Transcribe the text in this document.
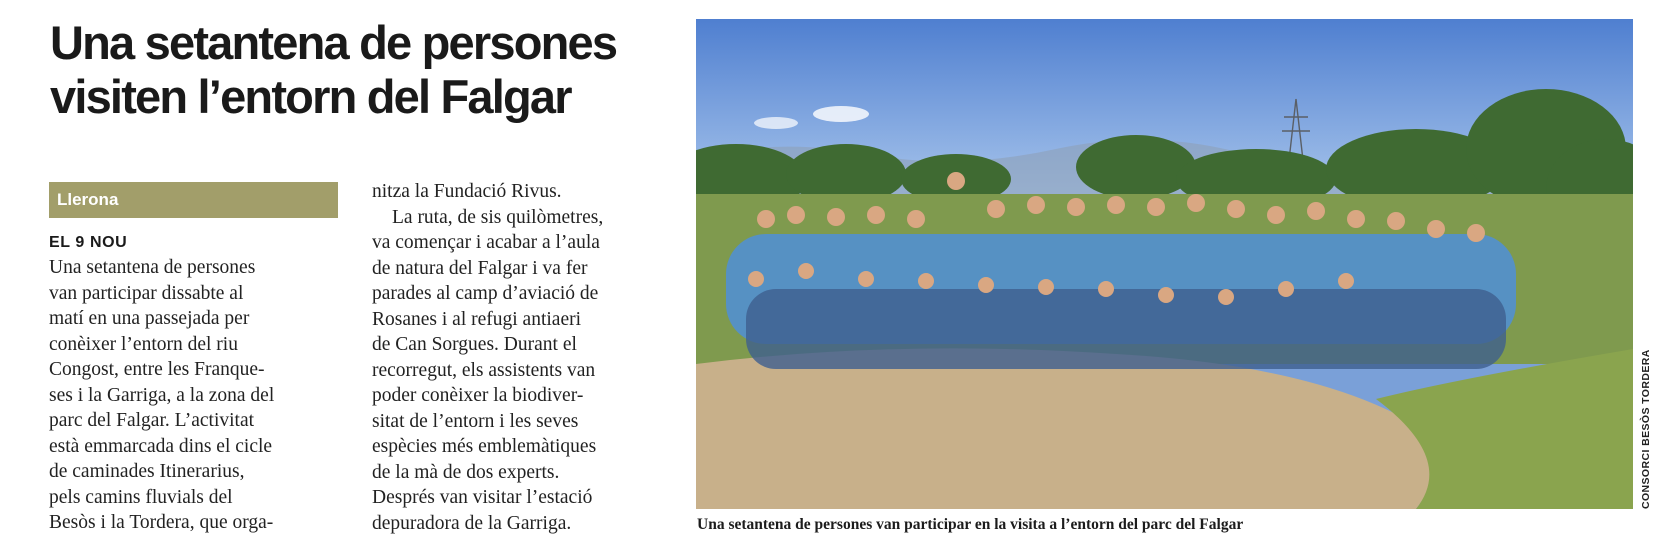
Una setantena de persones
visiten l’entorn del Falgar
Llerona
EL 9 NOU
Una setantena de persones
van participar dissabte al
matí en una passejada per
conèixer l’entorn del riu
Congost, entre les Franque-
ses i la Garriga, a la zona del
parc del Falgar. L’activitat
està emmarcada dins el cicle
de caminades Itinerarius,
pels camins fluvials del
Besòs i la Tordera, que orga-
nitza la Fundació Rivus.
La ruta, de sis quilòmetres,
va començar i acabar a l’aula
de natura del Falgar i va fer
parades al camp d’aviació de
Rosanes i al refugi antiaeri
de Can Sorgues. Durant el
recorregut, els assistents van
poder conèixer la biodiver-
sitat de l’entorn i les seves
espècies més emblemàtiques
de la mà de dos experts.
Després van visitar l’estació
depuradora de la Garriga.
CONSORCI BESÒS TORDERA
Una setantena de persones van participar en la visita a l’entorn del parc del Falgar
